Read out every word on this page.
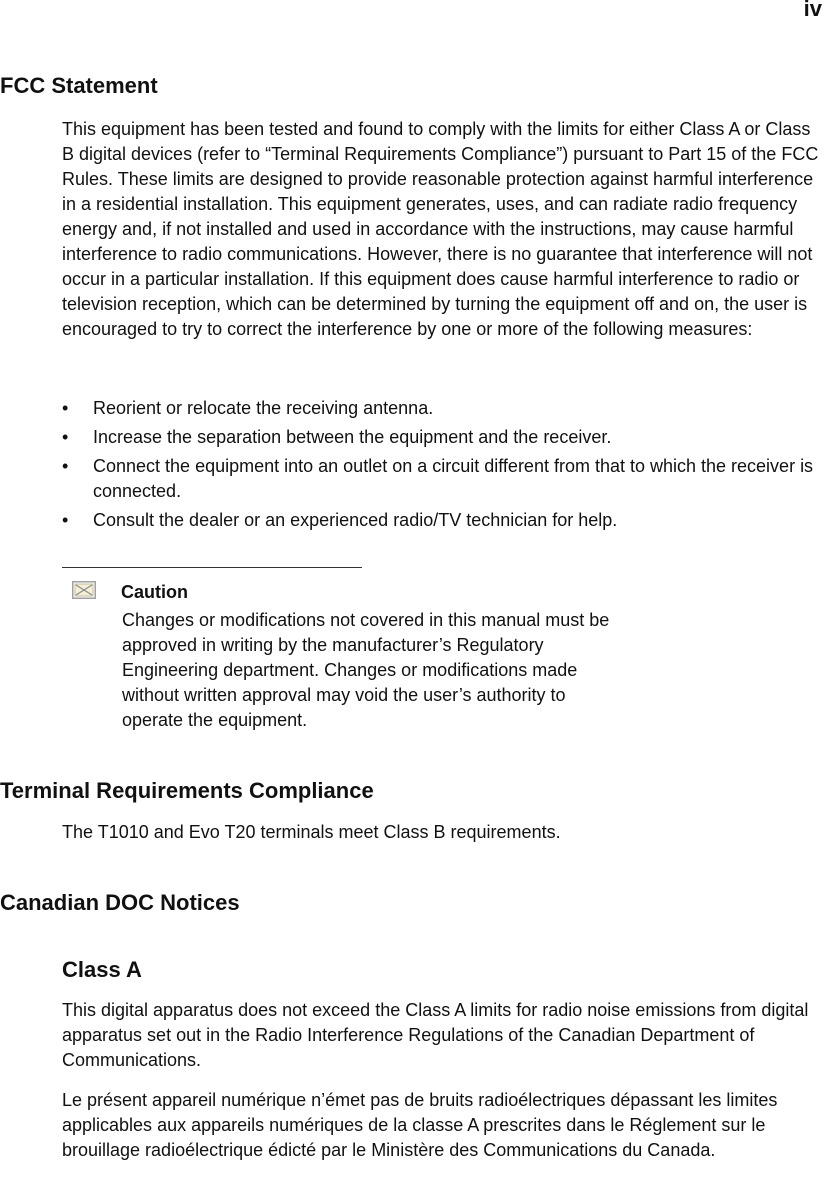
iv
FCC Statement

This equipment has been tested and found to comply with the limits for either Class A or Class B digital devices (refer to “Terminal Requirements Compliance”) pursuant to Part 15 of the FCC Rules. These limits are designed to provide reasonable protection against harmful interference in a residential installation. This equipment generates, uses, and can radiate radio frequency energy and, if not installed and used in accordance with the instructions, may cause harmful interference to radio communications. However, there is no guarantee that interference will not occur in a particular installation. If this equipment does cause harmful interference to radio or television reception, which can be determined by turning the equipment off and on, the user is encouraged to try to correct the interference by one or more of the following measures:

• Reorient or relocate the receiving antenna.
• Increase the separation between the equipment and the receiver.
• Connect the equipment into an outlet on a circuit different from that to which the receiver is connected.
• Consult the dealer or an experienced radio/TV technician for help.
Caution

Changes or modifications not covered in this manual must be approved in writing by the manufacturer’s Regulatory Engineering department. Changes or modifications made without written approval may void the user’s authority to operate the equipment.

Terminal Requirements Compliance

The T1010 and Evo T20 terminals meet Class B requirements.

Canadian DOC Notices
Class A

This digital apparatus does not exceed the Class A limits for radio noise emissions from digital apparatus set out in the Radio Interference Regulations of the Canadian Department of Communications.

Le présent appareil numérique n’émet pas de bruits radioélectriques dépassant les limites applicables aux appareils numériques de la classe A prescrites dans le Réglement sur le brouillage radioélectrique édicté par le Ministère des Communications du Canada.
